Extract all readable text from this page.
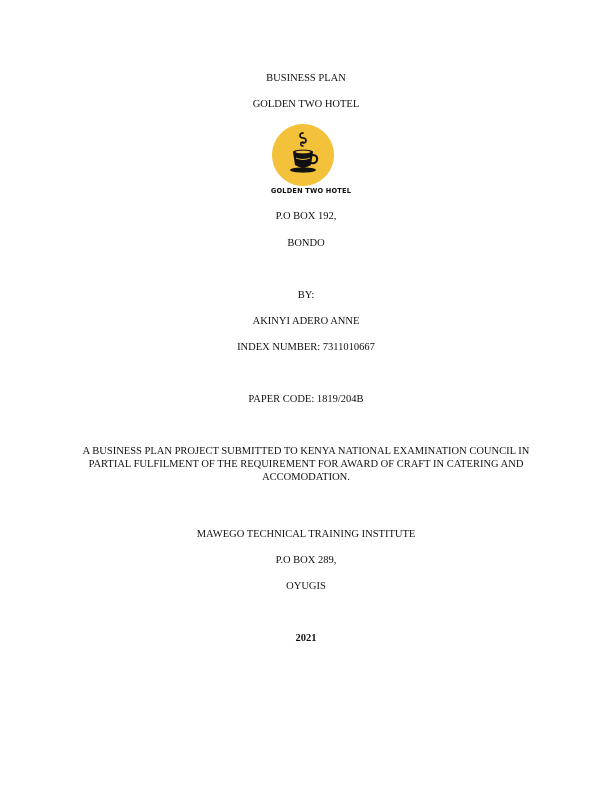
BUSINESS PLAN
GOLDEN TWO HOTEL
GOLDEN TWO HOTEL
P.O BOX 192,
BONDO
BY:
AKINYI ADERO ANNE
INDEX NUMBER: 7311010667
PAPER CODE: 1819/204B
A BUSINESS PLAN PROJECT SUBMITTED TO KENYA NATIONAL EXAMINATION COUNCIL IN PARTIAL FULFILMENT OF THE REQUIREMENT FOR AWARD OF CRAFT IN CATERING AND ACCOMODATION.
MAWEGO TECHNICAL TRAINING INSTITUTE
P.O BOX 289,
OYUGIS
2021
